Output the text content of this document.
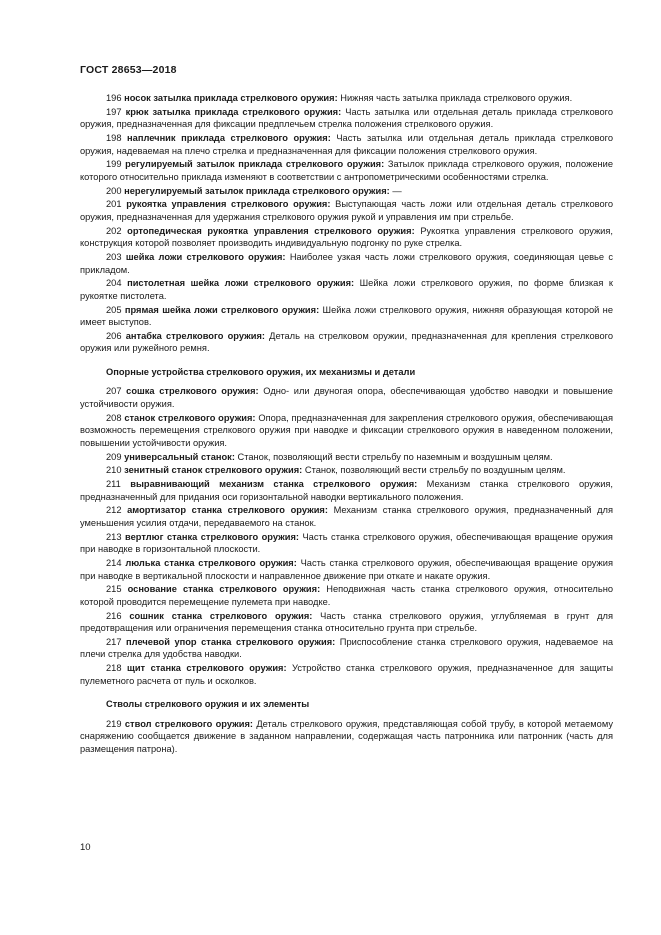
ГОСТ 28653—2018

196 носок затылка приклада стрелкового оружия: Нижняя часть затылка приклада стрелкового оружия.

197 крюк затылка приклада стрелкового оружия: Часть затылка или отдельная деталь приклада стрелкового оружия, предназначенная для фиксации предплечьем стрелка положения стрелкового оружия.

198 наплечник приклада стрелкового оружия: Часть затылка или отдельная деталь приклада стрелкового оружия, надеваемая на плечо стрелка и предназначенная для фиксации положения стрелкового оружия.

199 регулируемый затылок приклада стрелкового оружия: Затылок приклада стрелкового оружия, положение которого относительно приклада изменяют в соответствии с антропометрическими особенностями стрелка.

200 нерегулируемый затылок приклада стрелкового оружия: —

201 рукоятка управления стрелкового оружия: Выступающая часть ложи или отдельная деталь стрелкового оружия, предназначенная для удержания стрелкового оружия рукой и управления им при стрельбе.

202 ортопедическая рукоятка управления стрелкового оружия: Рукоятка управления стрелкового оружия, конструкция которой позволяет производить индивидуальную подгонку по руке стрелка.

203 шейка ложи стрелкового оружия: Наиболее узкая часть ложи стрелкового оружия, соединяющая цевье с прикладом.

204 пистолетная шейка ложи стрелкового оружия: Шейка ложи стрелкового оружия, по форме близкая к рукоятке пистолета.

205 прямая шейка ложи стрелкового оружия: Шейка ложи стрелкового оружия, нижняя образующая которой не имеет выступов.

206 антабка стрелкового оружия: Деталь на стрелковом оружии, предназначенная для крепления стрелкового оружия или ружейного ремня.

Опорные устройства стрелкового оружия, их механизмы и детали

207 сошка стрелкового оружия: Одно- или двуногая опора, обеспечивающая удобство наводки и повышение устойчивости оружия.

208 станок стрелкового оружия: Опора, предназначенная для закрепления стрелкового оружия, обеспечивающая возможность перемещения стрелкового оружия при наводке и фиксации стрелкового оружия в наведенном положении, повышении устойчивости оружия.

209 универсальный станок: Станок, позволяющий вести стрельбу по наземным и воздушным целям.

210 зенитный станок стрелкового оружия: Станок, позволяющий вести стрельбу по воздушным целям.

211 выравнивающий механизм станка стрелкового оружия: Механизм станка стрелкового оружия, предназначенный для придания оси горизонтальной наводки вертикального положения.

212 амортизатор станка стрелкового оружия: Механизм станка стрелкового оружия, предназначенный для уменьшения усилия отдачи, передаваемого на станок.

213 вертлюг станка стрелкового оружия: Часть станка стрелкового оружия, обеспечивающая вращение оружия при наводке в горизонтальной плоскости.

214 люлька станка стрелкового оружия: Часть станка стрелкового оружия, обеспечивающая вращение оружия при наводке в вертикальной плоскости и направленное движение при откате и накате оружия.

215 основание станка стрелкового оружия: Неподвижная часть станка стрелкового оружия, относительно которой проводится перемещение пулемета при наводке.

216 сошник станка стрелкового оружия: Часть станка стрелкового оружия, углубляемая в грунт для предотвращения или ограничения перемещения станка относительно грунта при стрельбе.

217 плечевой упор станка стрелкового оружия: Приспособление станка стрелкового оружия, надеваемое на плечи стрелка для удобства наводки.

218 щит станка стрелкового оружия: Устройство станка стрелкового оружия, предназначенное для защиты пулеметного расчета от пуль и осколков.

Стволы стрелкового оружия и их элементы

219 ствол стрелкового оружия: Деталь стрелкового оружия, представляющая собой трубу, в которой метаемому снаряжению сообщается движение в заданном направлении, содержащая часть патронника или патронник (часть для размещения патрона).

10
